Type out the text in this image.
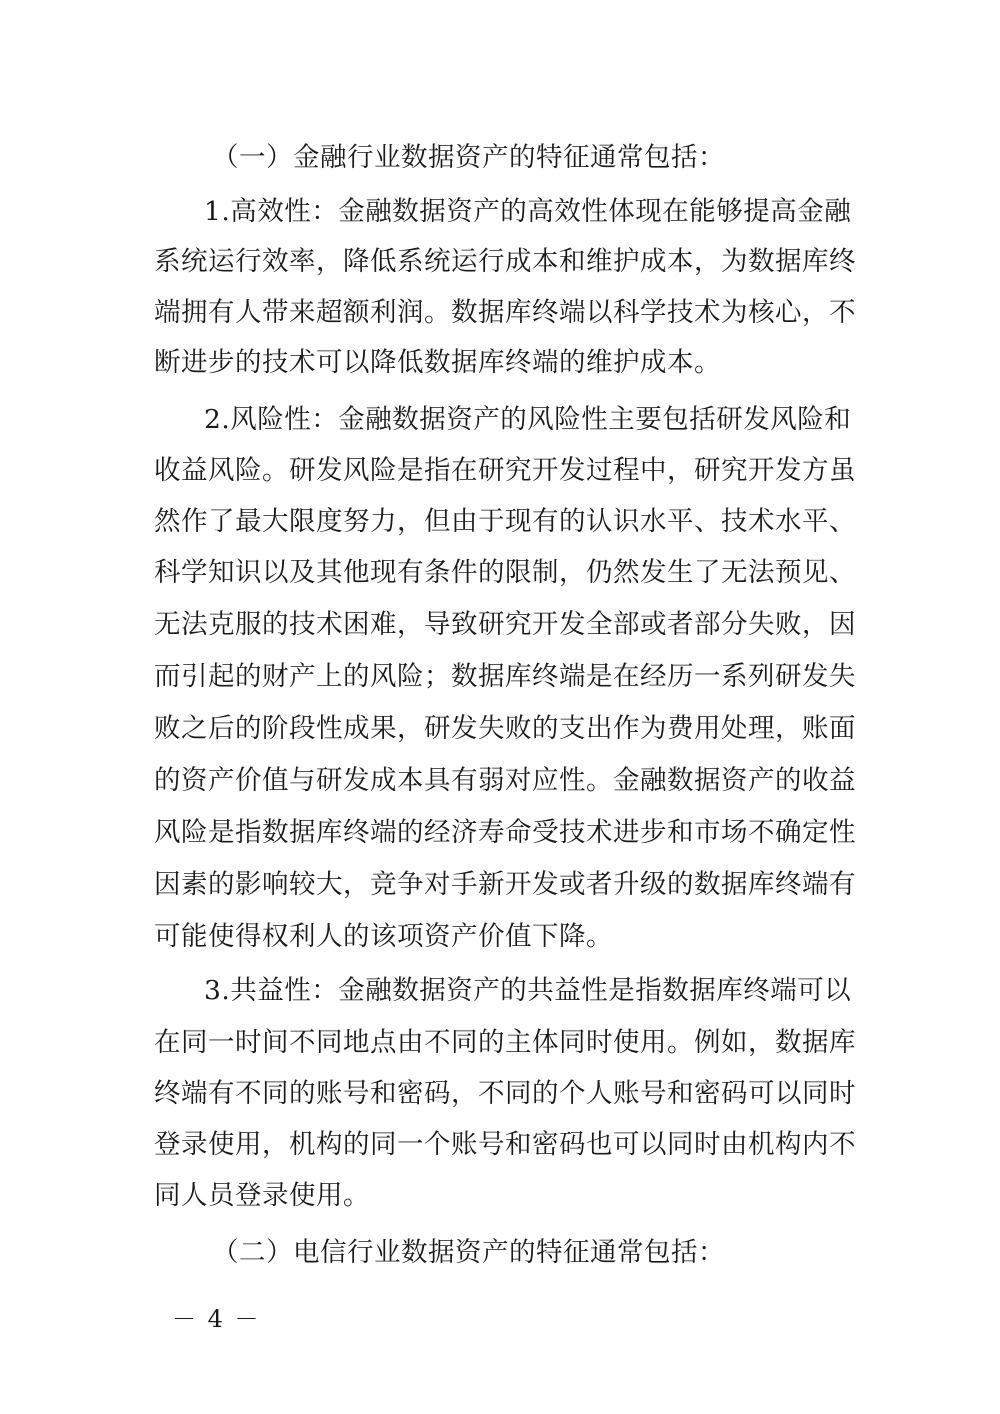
（一）金融行业数据资产的特征通常包括：
1.高效性：金融数据资产的高效性体现在能够提高金融
系统运行效率，降低系统运行成本和维护成本，为数据库终
端拥有人带来超额利润。数据库终端以科学技术为核心，不
断进步的技术可以降低数据库终端的维护成本。
2.风险性：金融数据资产的风险性主要包括研发风险和
收益风险。研发风险是指在研究开发过程中，研究开发方虽
然作了最大限度努力，但由于现有的认识水平、技术水平、
科学知识以及其他现有条件的限制，仍然发生了无法预见、
无法克服的技术困难，导致研究开发全部或者部分失败，因
而引起的财产上的风险；数据库终端是在经历一系列研发失
败之后的阶段性成果，研发失败的支出作为费用处理，账面
的资产价值与研发成本具有弱对应性。金融数据资产的收益
风险是指数据库终端的经济寿命受技术进步和市场不确定性
因素的影响较大，竞争对手新开发或者升级的数据库终端有
可能使得权利人的该项资产价值下降。
3.共益性：金融数据资产的共益性是指数据库终端可以
在同一时间不同地点由不同的主体同时使用。例如，数据库
终端有不同的账号和密码，不同的个人账号和密码可以同时
登录使用，机构的同一个账号和密码也可以同时由机构内不
同人员登录使用。
（二）电信行业数据资产的特征通常包括：
－ 4 －
